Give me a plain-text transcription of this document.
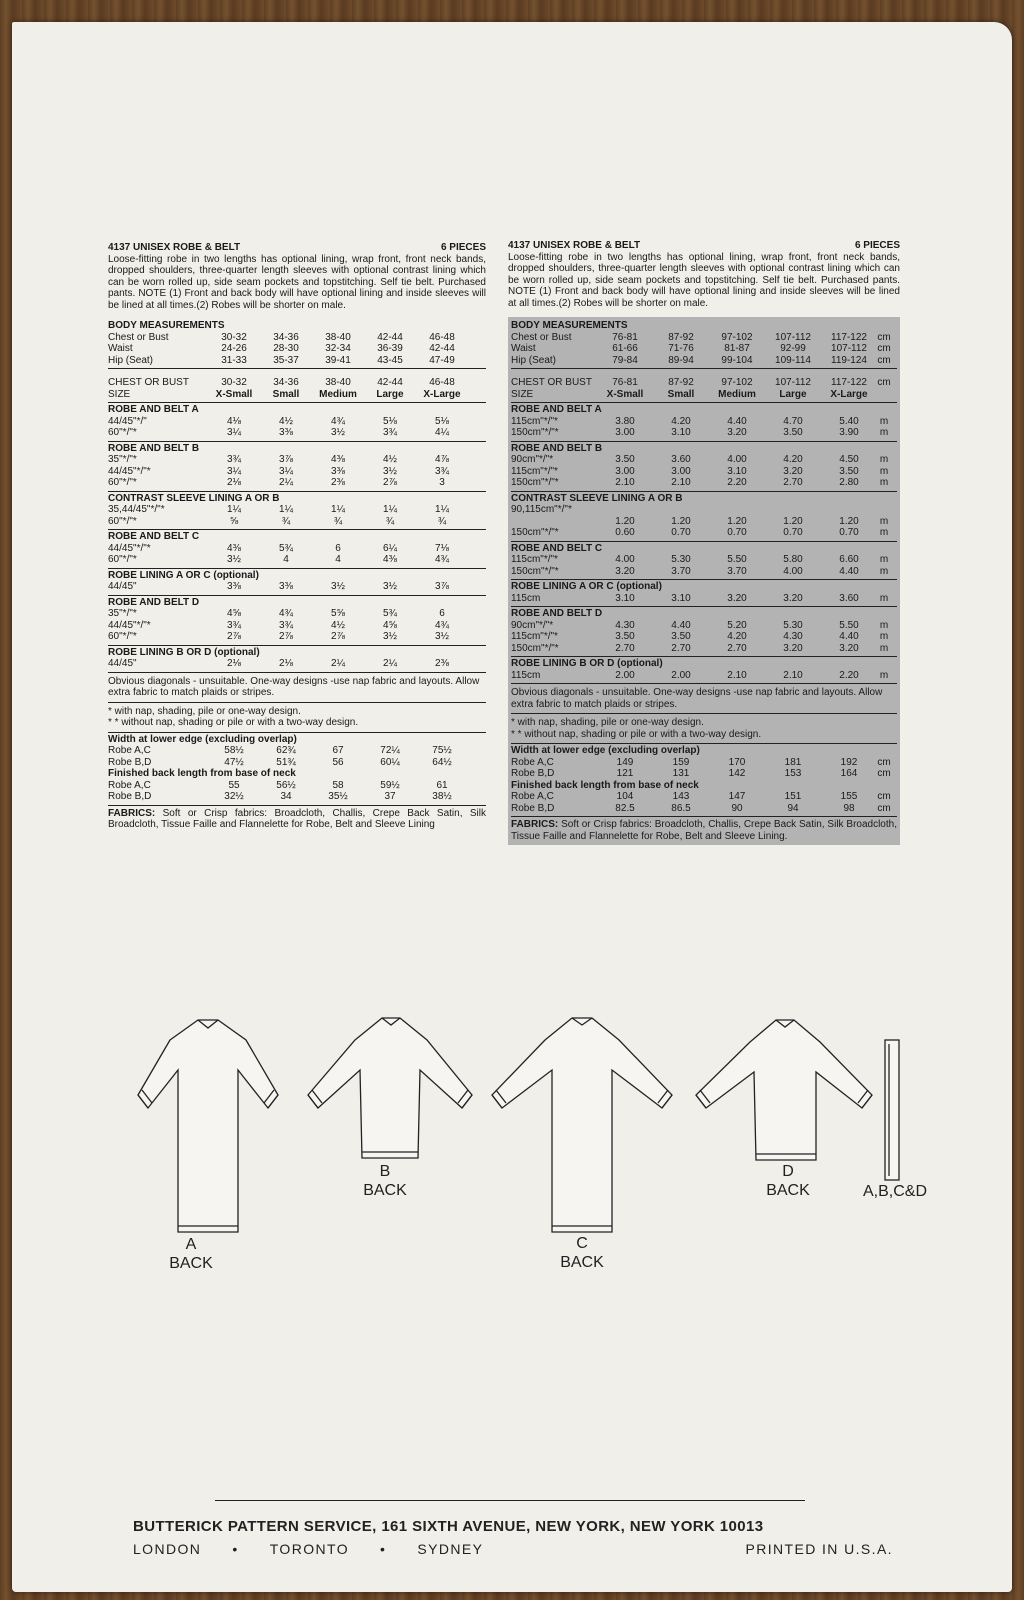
4137 UNISEX ROBE & BELT	6 PIECES
Loose-fitting robe in two lengths has optional lining, wrap front, front neck bands, dropped shoulders, three-quarter length sleeves with optional contrast lining which can be worn rolled up, side seam pockets and topstitching. Self tie belt. Purchased pants. NOTE (1) Front and back body will have optional lining and inside sleeves will be lined at all times.(2) Robes will be shorter on male.
BODY MEASUREMENTS
Chest or Bust	30-32	34-36	38-40	42-44	46-48
Waist	24-26	28-30	32-34	36-39	42-44
Hip (Seat)	31-33	35-37	39-41	43-45	47-49
CHEST OR BUST	30-32	34-36	38-40	42-44	46-48
SIZE	X-Small	Small	Medium	Large	X-Large
ROBE AND BELT A
44/45"*/"	4⅛	4½	4¾	5⅛	5⅛
60"*/"*	3¼	3⅜	3½	3¾	4¼
ROBE AND BELT B
35"*/"*	3¾	3⅞	4⅜	4½	4⅞
44/45"*/"*	3¼	3¼	3⅜	3½	3¾
60"*/"*	2⅛	2¼	2⅜	2⅞	3
CONTRAST SLEEVE LINING A OR B
35,44/45"*/"*	1¼	1¼	1¼	1¼	1¼
60"*/"*	⅝	¾	¾	¾	¾
ROBE AND BELT C
44/45"*/"*	4⅜	5¾	6	6¼	7⅛
60"*/"*	3½	4	4	4⅜	4¾
ROBE LINING A OR C (optional)
44/45"	3⅜	3⅜	3½	3½	3⅞
ROBE AND BELT D
35"*/"*	4⅝	4¾	5⅝	5¾	6
44/45"*/"*	3¾	3¾	4½	4⅝	4¾
60"*/"*	2⅞	2⅞	2⅞	3½	3½
ROBE LINING B OR D (optional)
44/45"	2⅛	2⅛	2¼	2¼	2⅜
Obvious diagonals - unsuitable. One-way designs -use nap fabric and layouts. Allow extra fabric to match plaids or stripes.
* with nap, shading, pile or one-way design.
* * without nap, shading or pile or with a two-way design.
Width at lower edge (excluding overlap)
Robe A,C	58½	62¾	67	72¼	75½
Robe B,D	47½	51¾	56	60¼	64½
Finished back length from base of neck
Robe A,C	55	56½	58	59½	61
Robe B,D	32½	34	35½	37	38½
FABRICS: Soft or Crisp fabrics: Broadcloth, Challis, Crepe Back Satin, Silk Broadcloth, Tissue Faille and Flannelette for Robe, Belt and Sleeve Lining
4137 UNISEX ROBE & BELT	6 PIECES
Loose-fitting robe in two lengths has optional lining, wrap front, front neck bands, dropped shoulders, three-quarter length sleeves with optional contrast lining which can be worn rolled up, side seam pockets and topstitching. Self tie belt. Purchased pants. NOTE (1) Front and back body will have optional lining and inside sleeves will be lined at all times.(2) Robes will be shorter on male.
BODY MEASUREMENTS
Chest or Bust	76-81	87-92	97-102	107-112	117-122	cm
Waist	61-66	71-76	81-87	92-99	107-112	cm
Hip (Seat)	79-84	89-94	99-104	109-114	119-124	cm
CHEST OR BUST	76-81	87-92	97-102	107-112	117-122	cm
SIZE	X-Small	Small	Medium	Large	X-Large
ROBE AND BELT A
115cm"*/"*	3.80	4.20	4.40	4.70	5.40	m
150cm"*/"*	3.00	3.10	3.20	3.50	3.90	m
ROBE AND BELT B
90cm"*/"*	3.50	3.60	4.00	4.20	4.50	m
115cm"*/"*	3.00	3.00	3.10	3.20	3.50	m
150cm"*/"*	2.10	2.10	2.20	2.70	2.80	m
CONTRAST SLEEVE LINING A OR B
90,115cm"*/"*
1.20	1.20	1.20	1.20	1.20	m
150cm"*/"*	0.60	0.70	0.70	0.70	0.70	m
ROBE AND BELT C
115cm"*/"*	4.00	5.30	5.50	5.80	6.60	m
150cm"*/"*	3.20	3.70	3.70	4.00	4.40	m
ROBE LINING A OR C (optional)
115cm	3.10	3.10	3.20	3.20	3.60	m
ROBE AND BELT D
90cm"*/"*	4.30	4.40	5.20	5.30	5.50	m
115cm"*/"*	3.50	3.50	4.20	4.30	4.40	m
150cm"*/"*	2.70	2.70	2.70	3.20	3.20	m
ROBE LINING B OR D (optional)
115cm	2.00	2.00	2.10	2.10	2.20	m
Obvious diagonals - unsuitable. One-way designs -use nap fabric and layouts. Allow extra fabric to match plaids or stripes.
* with nap, shading, pile or one-way design.
* * without nap, shading or pile or with a two-way design.
Width at lower edge (excluding overlap)
Robe A,C	149	159	170	181	192	cm
Robe B,D	121	131	142	153	164	cm
Finished back length from base of neck
Robe A,C	104	143	147	151	155	cm
Robe B,D	82.5	86.5	90	94	98	cm
FABRICS: Soft or Crisp fabrics: Broadcloth, Challis, Crepe Back Satin, Silk Broadcloth, Tissue Faille and Flannelette for Robe, Belt and Sleeve Lining.
B
BACK
D
BACK	A,B,C&D
A
BACK
C
BACK
BUTTERICK PATTERN SERVICE, 161 SIXTH AVENUE, NEW YORK, NEW YORK 10013
LONDON • TORONTO • SYDNEY	PRINTED IN U.S.A.
